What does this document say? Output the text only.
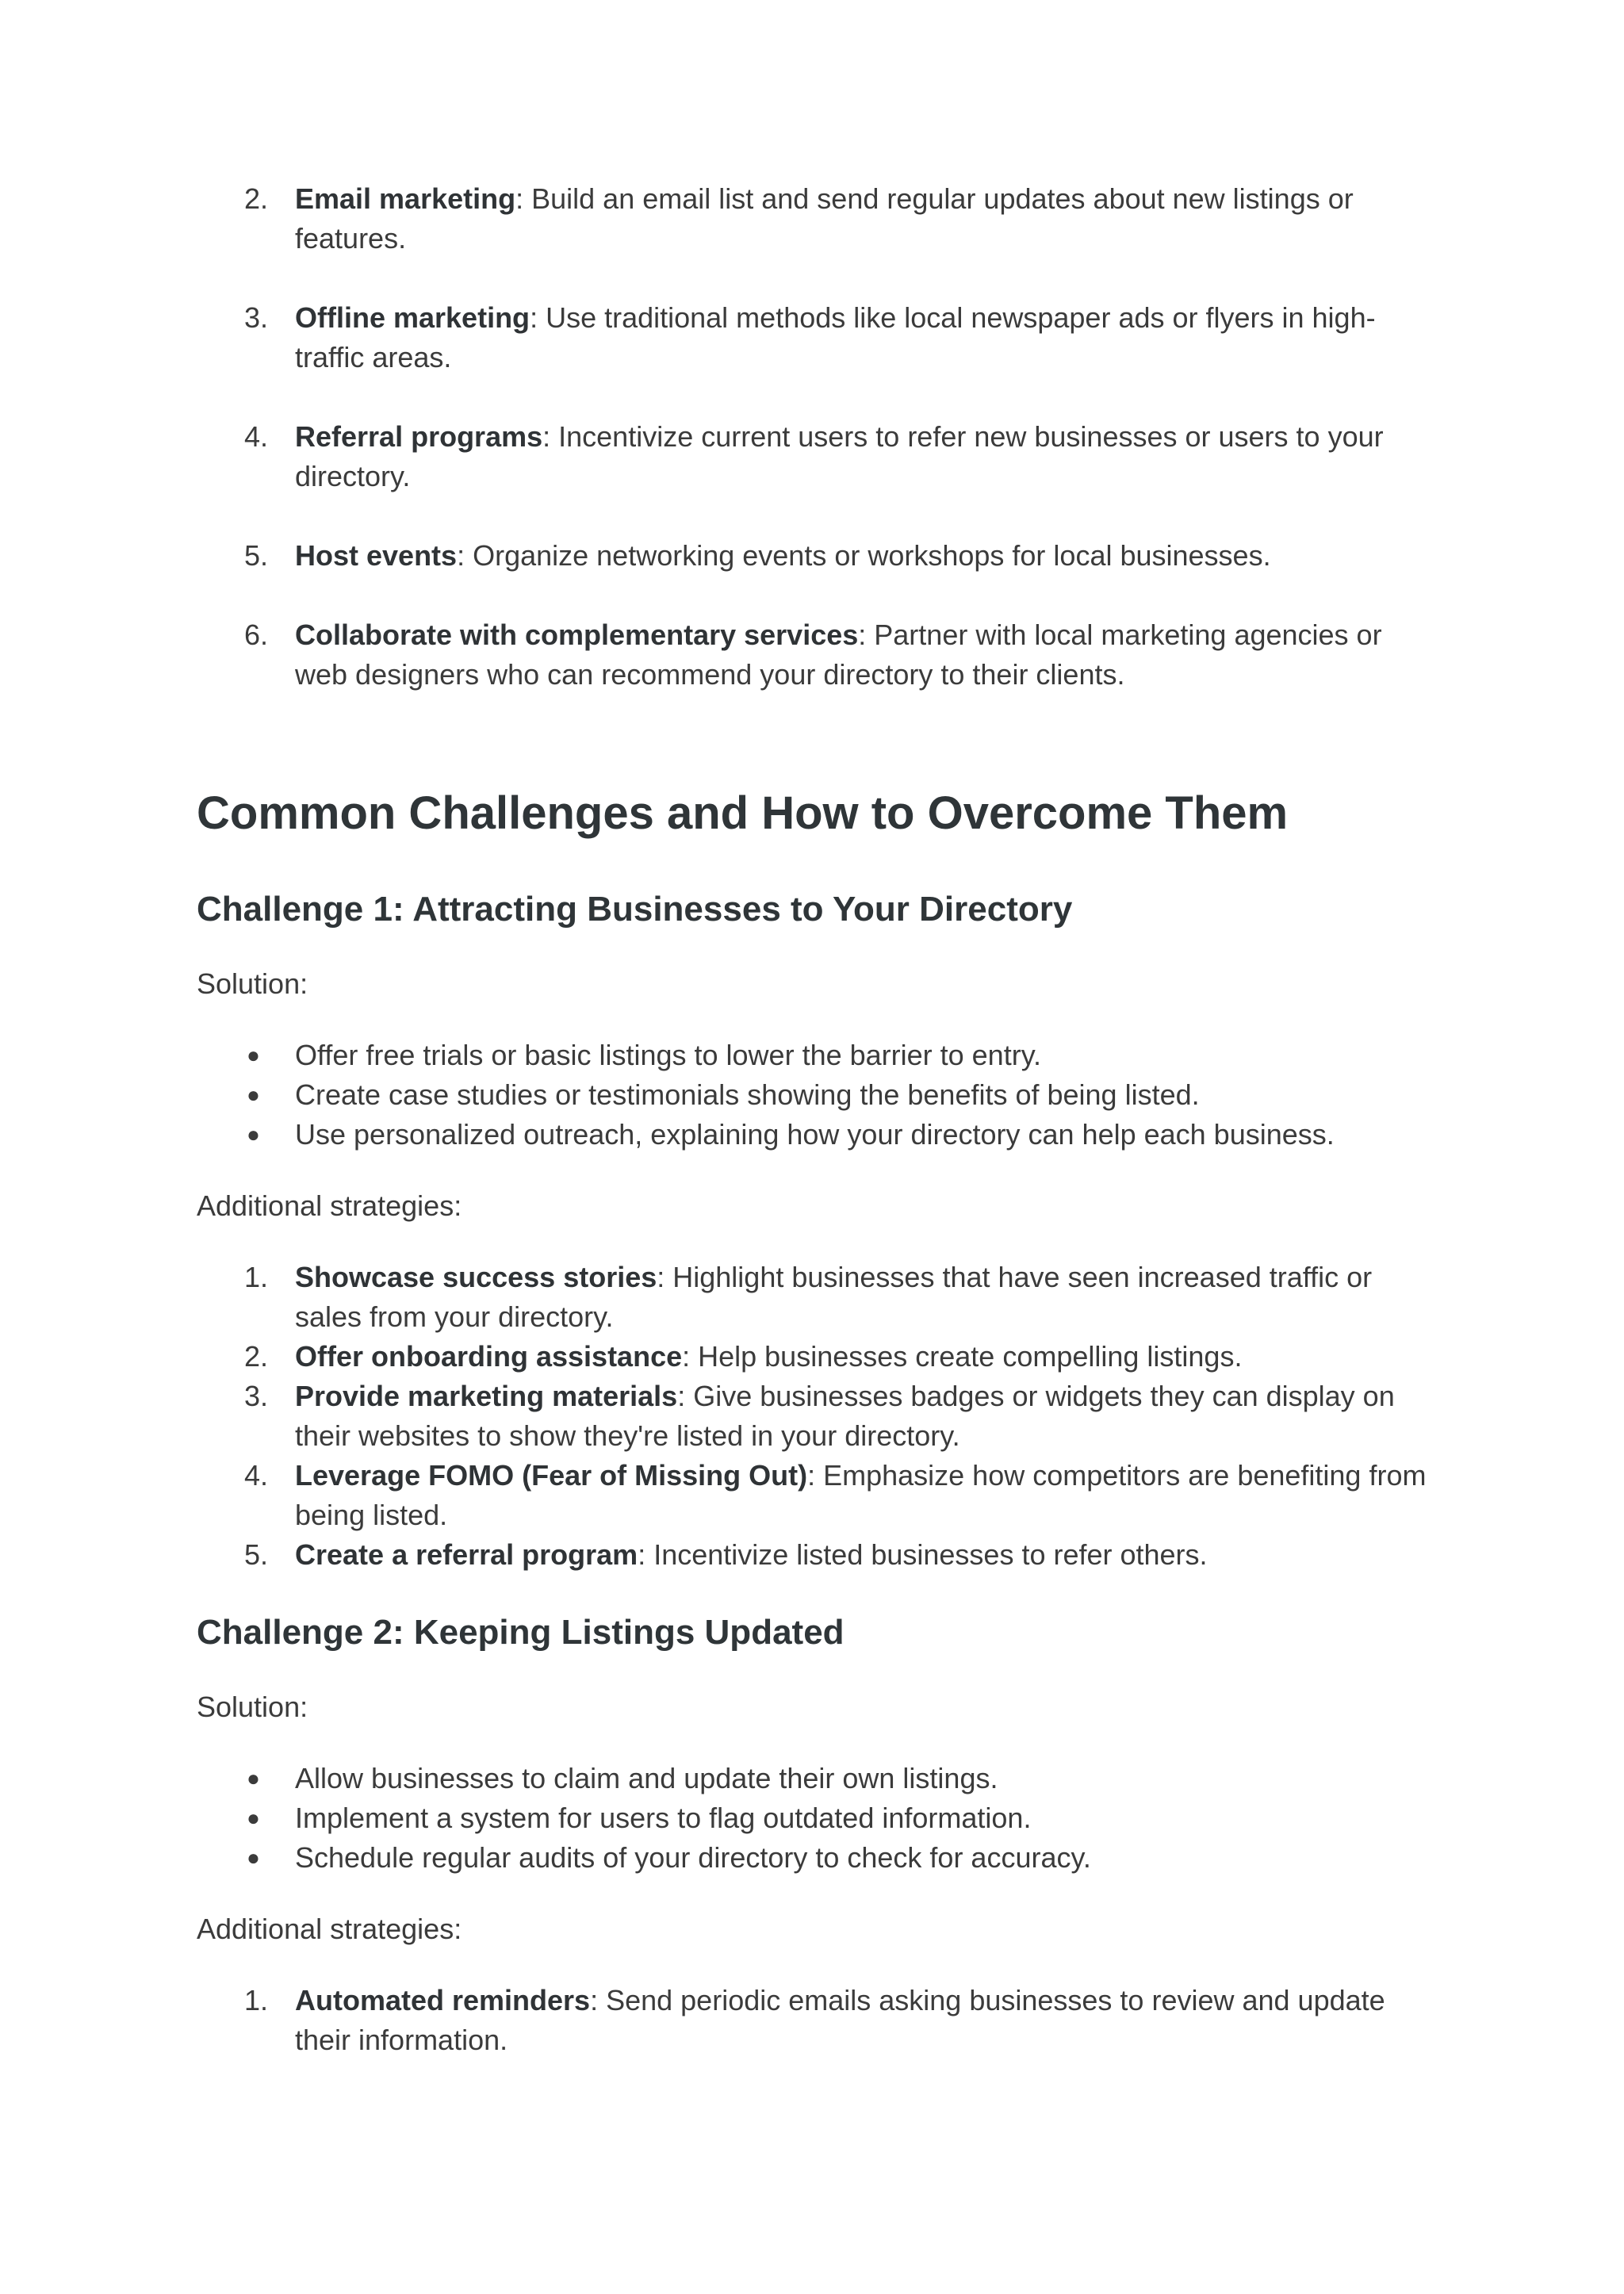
2. Email marketing: Build an email list and send regular updates about new listings or features.
3. Offline marketing: Use traditional methods like local newspaper ads or flyers in high-traffic areas.
4. Referral programs: Incentivize current users to refer new businesses or users to your directory.
5. Host events: Organize networking events or workshops for local businesses.
6. Collaborate with complementary services: Partner with local marketing agencies or web designers who can recommend your directory to their clients.
Common Challenges and How to Overcome Them
Challenge 1: Attracting Businesses to Your Directory

Solution:

● Offer free trials or basic listings to lower the barrier to entry.
● Create case studies or testimonials showing the benefits of being listed.
● Use personalized outreach, explaining how your directory can help each business.

Additional strategies:

1. Showcase success stories: Highlight businesses that have seen increased traffic or sales from your directory.
2. Offer onboarding assistance: Help businesses create compelling listings.
3. Provide marketing materials: Give businesses badges or widgets they can display on their websites to show they're listed in your directory.
4. Leverage FOMO (Fear of Missing Out): Emphasize how competitors are benefiting from being listed.
5. Create a referral program: Incentivize listed businesses to refer others.
Challenge 2: Keeping Listings Updated

Solution:

● Allow businesses to claim and update their own listings.
● Implement a system for users to flag outdated information.
● Schedule regular audits of your directory to check for accuracy.

Additional strategies:

1. Automated reminders: Send periodic emails asking businesses to review and update their information.
